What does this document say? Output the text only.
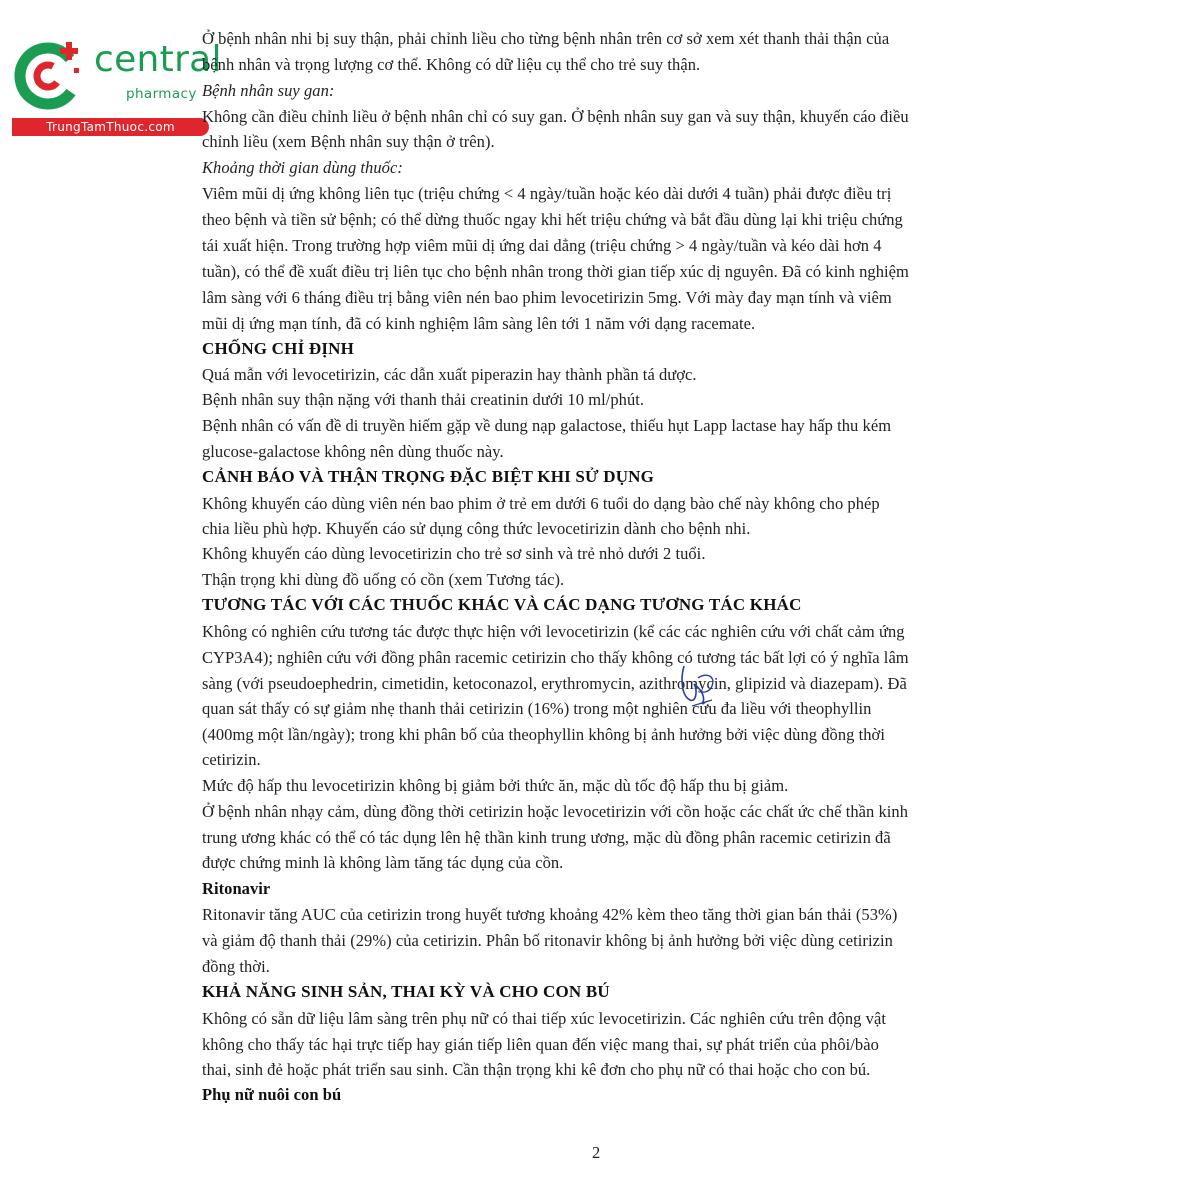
central
pharmacy
TrungTamThuoc.com

Ở bệnh nhân nhi bị suy thận, phải chỉnh liều cho từng bệnh nhân trên cơ sở xem xét thanh thải thận của

bệnh nhân và trọng lượng cơ thể. Không có dữ liệu cụ thể cho trẻ suy thận.

Bệnh nhân suy gan:

Không cần điều chỉnh liều ở bệnh nhân chỉ có suy gan. Ở bệnh nhân suy gan và suy thận, khuyến cáo điều

chỉnh liều (xem Bệnh nhân suy thận ở trên).

Khoảng thời gian dùng thuốc:

Viêm mũi dị ứng không liên tục (triệu chứng < 4 ngày/tuần hoặc kéo dài dưới 4 tuần) phải được điều trị

theo bệnh và tiền sử bệnh; có thể dừng thuốc ngay khi hết triệu chứng và bắt đầu dùng lại khi triệu chứng

tái xuất hiện. Trong trường hợp viêm mũi dị ứng dai dẳng (triệu chứng > 4 ngày/tuần và kéo dài hơn 4

tuần), có thể đề xuất điều trị liên tục cho bệnh nhân trong thời gian tiếp xúc dị nguyên. Đã có kinh nghiệm

lâm sàng với 6 tháng điều trị bằng viên nén bao phim levocetirizin 5mg. Với mày đay mạn tính và viêm

mũi dị ứng mạn tính, đã có kinh nghiệm lâm sàng lên tới 1 năm với dạng racemate.

CHỐNG CHỈ ĐỊNH

Quá mẫn với levocetirizin, các dẫn xuất piperazin hay thành phần tá dược.

Bệnh nhân suy thận nặng với thanh thải creatinin dưới 10 ml/phút.

Bệnh nhân có vấn đề di truyền hiếm gặp về dung nạp galactose, thiếu hụt Lapp lactase hay hấp thu kém

glucose-galactose không nên dùng thuốc này.

CẢNH BÁO VÀ THẬN TRỌNG ĐẶC BIỆT KHI SỬ DỤNG

Không khuyến cáo dùng viên nén bao phim ở trẻ em dưới 6 tuổi do dạng bào chế này không cho phép

chia liều phù hợp. Khuyến cáo sử dụng công thức levocetirizin dành cho bệnh nhi.

Không khuyến cáo dùng levocetirizin cho trẻ sơ sinh và trẻ nhỏ dưới 2 tuổi.

Thận trọng khi dùng đồ uống có cồn (xem Tương tác).

TƯƠNG TÁC VỚI CÁC THUỐC KHÁC VÀ CÁC DẠNG TƯƠNG TÁC KHÁC

Không có nghiên cứu tương tác được thực hiện với levocetirizin (kể các các nghiên cứu với chất cảm ứng

CYP3A4); nghiên cứu với đồng phân racemic cetirizin cho thấy không có tương tác bất lợi có ý nghĩa lâm

sàng (với pseudoephedrin, cimetidin, ketoconazol, erythromycin, azithromycin, glipizid và diazepam). Đã

quan sát thấy có sự giảm nhẹ thanh thải cetirizin (16%) trong một nghiên cứu đa liều với theophyllin

(400mg một lần/ngày); trong khi phân bố của theophyllin không bị ảnh hưởng bởi việc dùng đồng thời

cetirizin.

Mức độ hấp thu levocetirizin không bị giảm bởi thức ăn, mặc dù tốc độ hấp thu bị giảm.

Ở bệnh nhân nhạy cảm, dùng đồng thời cetirizin hoặc levocetirizin với cồn hoặc các chất ức chế thần kinh

trung ương khác có thể có tác dụng lên hệ thần kinh trung ương, mặc dù đồng phân racemic cetirizin đã

được chứng minh là không làm tăng tác dụng của cồn.

Ritonavir

Ritonavir tăng AUC của cetirizin trong huyết tương khoảng 42% kèm theo tăng thời gian bán thải (53%)

và giảm độ thanh thải (29%) của cetirizin. Phân bố ritonavir không bị ảnh hưởng bởi việc dùng cetirizin

đồng thời.

KHẢ NĂNG SINH SẢN, THAI KỲ VÀ CHO CON BÚ

Không có sẵn dữ liệu lâm sàng trên phụ nữ có thai tiếp xúc levocetirizin. Các nghiên cứu trên động vật

không cho thấy tác hại trực tiếp hay gián tiếp liên quan đến việc mang thai, sự phát triển của phôi/bào

thai, sinh đẻ hoặc phát triển sau sinh. Cần thận trọng khi kê đơn cho phụ nữ có thai hoặc cho con bú.

Phụ nữ nuôi con bú

2
